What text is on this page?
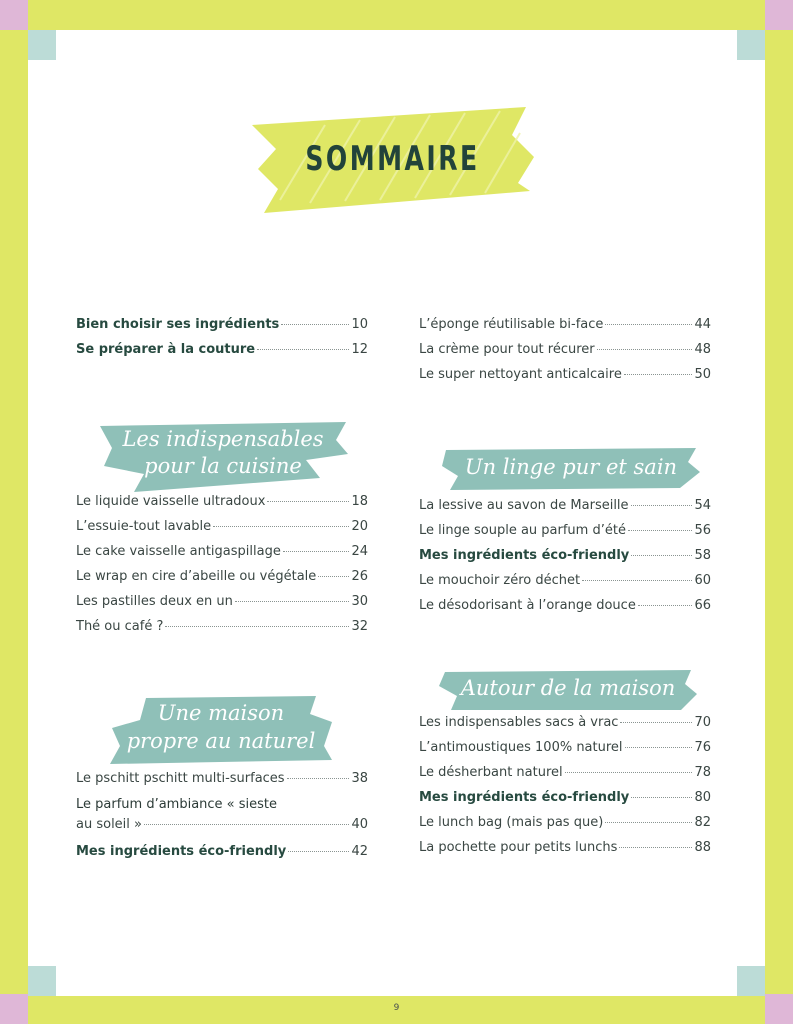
SOMMAIRE
Bien choisir ses ingrédients	10
Se préparer à la couture	12
L’éponge réutilisable bi-face	44
La crème pour tout récurer	48
Le super nettoyant anticalcaire	50
Les indispensables
pour la cuisine
Le liquide vaisselle ultradoux	18
L’essuie-tout lavable	20
Le cake vaisselle antigaspillage	24
Le wrap en cire d’abeille ou végétale	26
Les pastilles deux en un	30
Thé ou café ?	32
Un linge pur et sain
La lessive au savon de Marseille	54
Le linge souple au parfum d’été	56
Mes ingrédients éco-friendly	58
Le mouchoir zéro déchet	60
Le désodorisant à l’orange douce	66
Une maison
propre au naturel
Le pschitt pschitt multi-surfaces	38
Le parfum d’ambiance « sieste
au soleil »	40
Mes ingrédients éco-friendly	42
Autour de la maison
Les indispensables sacs à vrac	70
L’antimoustiques 100% naturel	76
Le désherbant naturel	78
Mes ingrédients éco-friendly	80
Le lunch bag (mais pas que)	82
La pochette pour petits lunchs	88
9
